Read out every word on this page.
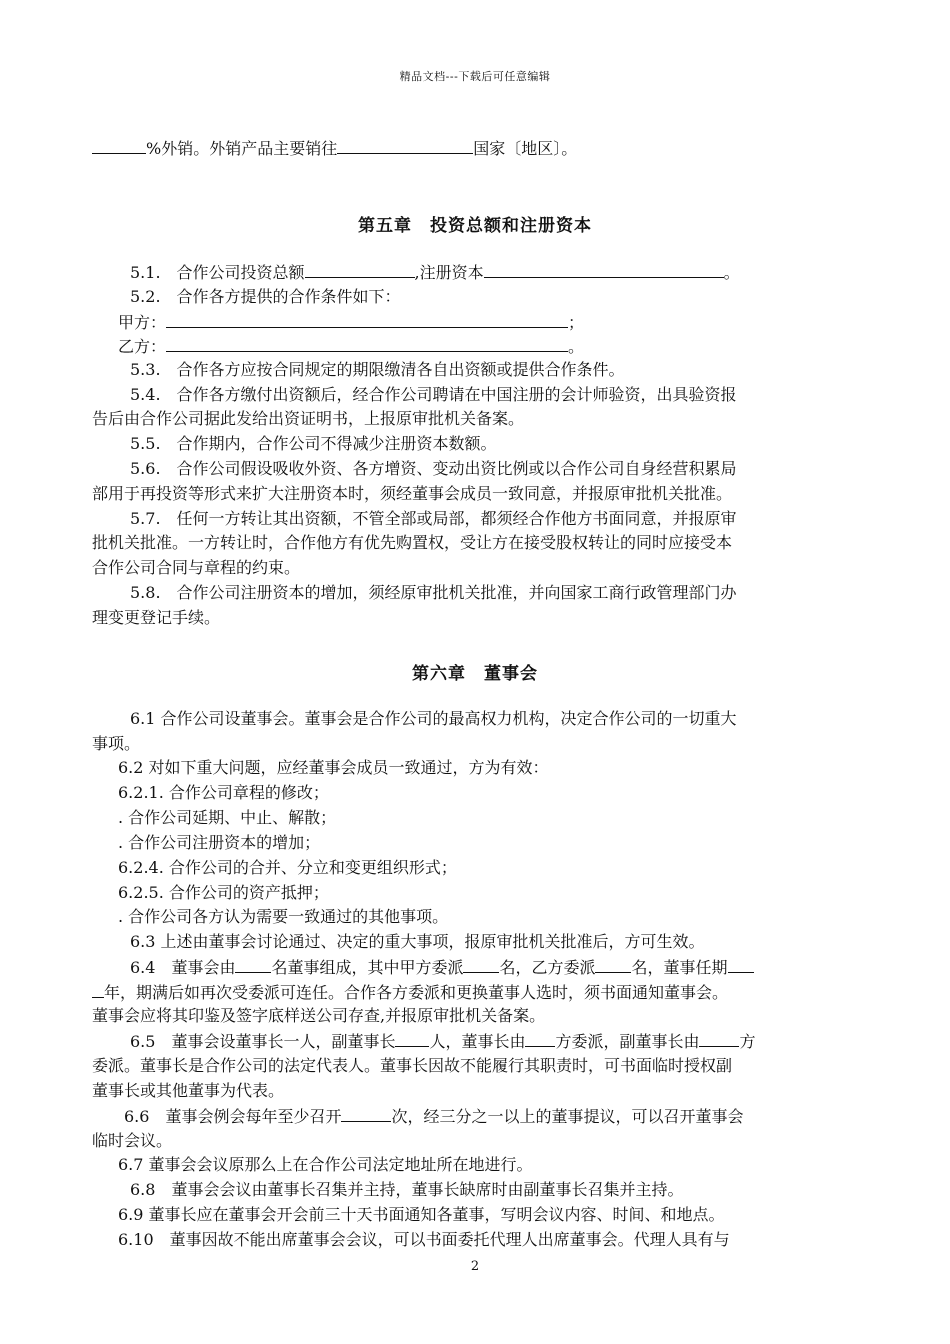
精品文档---下载后可任意编辑
%外销。外销产品主要销往	国家〔地区〕。
第五章　投资总额和注册资本
5.1.　合作公司投资总额	,注册资本	。
5.2.　合作各方提供的合作条件如下：
甲方：	；
乙方：	。
5.3.　合作各方应按合同规定的期限缴清各自出资额或提供合作条件。
5.4.　合作各方缴付出资额后，经合作公司聘请在中国注册的会计师验资，出具验资报
告后由合作公司据此发给出资证明书，上报原审批机关备案。
5.5.　合作期内，合作公司不得减少注册资本数额。
5.6.　合作公司假设吸收外资、各方增资、变动出资比例或以合作公司自身经营积累局
部用于再投资等形式来扩大注册资本时，须经董事会成员一致同意，并报原审批机关批准。
5.7.　任何一方转让其出资额，不管全部或局部，都须经合作他方书面同意，并报原审
批机关批准。一方转让时，合作他方有优先购置权，受让方在接受股权转让的同时应接受本
合作公司合同与章程的约束。
5.8.　合作公司注册资本的增加，须经原审批机关批准，并向国家工商行政管理部门办
理变更登记手续。
第六章　董事会
6.1 合作公司设董事会。董事会是合作公司的最高权力机构，决定合作公司的一切重大
事项。
6.2 对如下重大问题，应经董事会成员一致通过，方为有效：
6.2.1. 合作公司章程的修改；
. 合作公司延期、中止、解散；
. 合作公司注册资本的增加；
6.2.4. 合作公司的合并、分立和变更组织形式；
6.2.5. 合作公司的资产抵押；
. 合作公司各方认为需要一致通过的其他事项。
6.3 上述由董事会讨论通过、决定的重大事项，报原审批机关批准后，方可生效。
6.4　董事会由 名董事组成，其中甲方委派 名，乙方委派 名，董事任期
年，期满后如再次受委派可连任。合作各方委派和更换董事人选时，须书面通知董事会。
董事会应将其印鉴及签字底样送公司存查,并报原审批机关备案。
6.5　董事会设董事长一人，副董事长 人，董事长由 方委派，副董事长由	方
委派。董事长是合作公司的法定代表人。董事长因故不能履行其职责时，可书面临时授权副
董事长或其他董事为代表。
6.6　董事会例会每年至少召开	次，经三分之一以上的董事提议，可以召开董事会
临时会议。
6.7 董事会会议原那么上在合作公司法定地址所在地进行。
6.8　董事会会议由董事长召集并主持，董事长缺席时由副董事长召集并主持。
6.9 董事长应在董事会开会前三十天书面通知各董事，写明会议内容、时间、和地点。
6.10　董事因故不能出席董事会会议，可以书面委托代理人出席董事会。代理人具有与
2
